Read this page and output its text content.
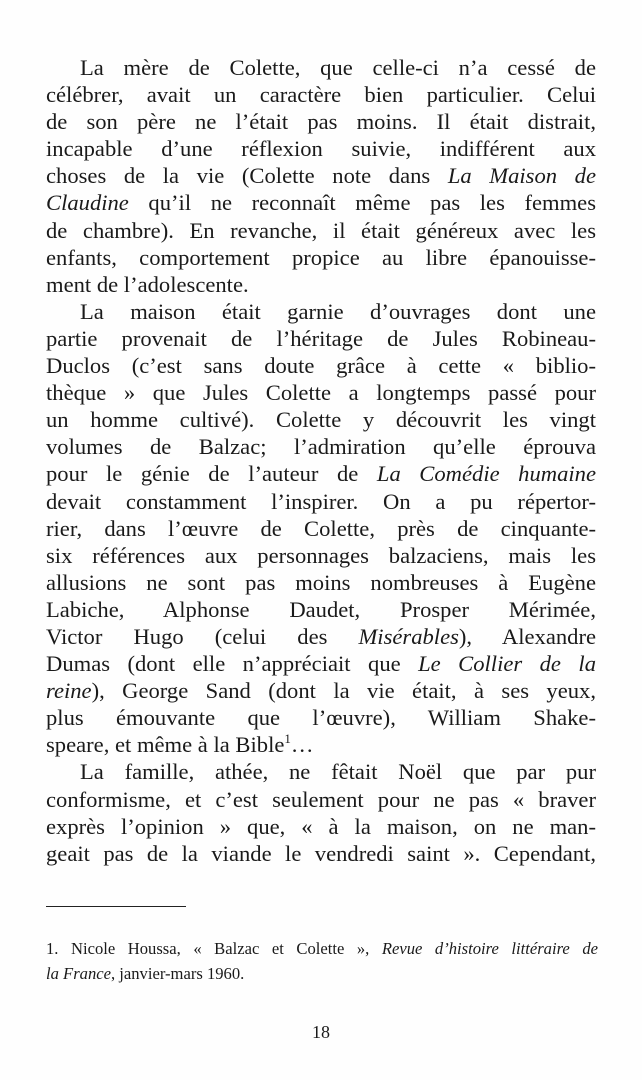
La mère de Colette, que celle-ci n’a cessé de
célébrer, avait un caractère bien particulier. Celui
de son père ne l’était pas moins. Il était distrait,
incapable d’une réflexion suivie, indifférent aux
choses de la vie (Colette note dans La Maison de
Claudine qu’il ne reconnaît même pas les femmes
de chambre). En revanche, il était généreux avec les
enfants, comportement propice au libre épanouisse-
ment de l’adolescente.

La maison était garnie d’ouvrages dont une
partie provenait de l’héritage de Jules Robineau-
Duclos (c’est sans doute grâce à cette « biblio-
thèque » que Jules Colette a longtemps passé pour
un homme cultivé). Colette y découvrit les vingt
volumes de Balzac; l’admiration qu’elle éprouva
pour le génie de l’auteur de La Comédie humaine
devait constamment l’inspirer. On a pu répertor-
rier, dans l’œuvre de Colette, près de cinquante-
six références aux personnages balzaciens, mais les
allusions ne sont pas moins nombreuses à Eugène
Labiche, Alphonse Daudet, Prosper Mérimée,
Victor Hugo (celui des Misérables), Alexandre
Dumas (dont elle n’appréciait que Le Collier de la
reine), George Sand (dont la vie était, à ses yeux,
plus émouvante que l’œuvre), William Shake-
speare, et même à la Bible$^1$…

La famille, athée, ne fêtait Noël que par pur
conformisme, et c’est seulement pour ne pas « braver
exprès l’opinion » que, « à la maison, on ne man-
geait pas de la viande le vendredi saint ». Cependant,

1. Nicole Houssa, « Balzac et Colette », Revue d’histoire littéraire de
la France, janvier-mars 1960.
18
